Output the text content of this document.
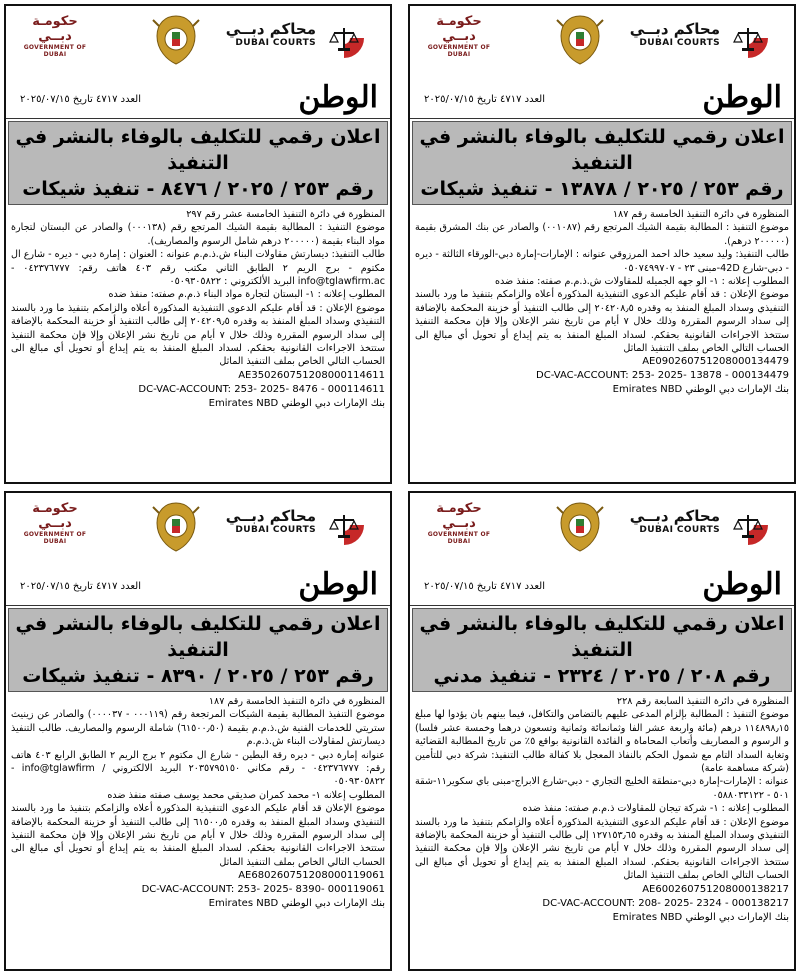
حكومـة دبــي
GOVERNMENT OF DUBAI
محاكم دبــي
DUBAI COURTS
العدد ٤٧١٧ تاريخ ٢٠٢٥/٠٧/١٥	الوطن
اعلان رقمي للتكليف بالوفاء بالنشر في التنفيذ
رقم ٢٥٣ / ٢٠٢٥ / ٨٤٧٦ - تنفيذ شيكات

المنظورة في دائرة التنفيذ الخامسة عشر رقم ٢٩٧

موضوع التنفيذ : المطالبة بقيمة الشيك المرتجع رقم (٠٠٠١٣٨) والصادر عن البستان لتجارة مواد البناء بقيمة (٢٠٠٠٠٠ درهم شامل الرسوم والمصاريف).

طالب التنفيذ: ديسارتش مقاولات البناء ش.ذ.م.م عنوانه : العنوان : إمارة دبي - ديره - شارع ال مكتوم - برج الريم ٢ الطابق الثاني مكتب رقم ٤٠٣ هاتف رقم: ٠٤٢٣٧٦٧٧٧ - info@tglawfirm.ac البريد الألكتروني : ٠٥٠٩٣٠٥٨٢٢

المطلوب إعلانه : ١- البستان لتجارة مواد البناء ذ.م.م صفته: منفذ ضده

موضوع الإعلان : قد أقام عليكم الدعوى التنفيذية المذكورة أعلاه والزامكم بتنفيذ ما ورد بالسند التنفيذي وسداد المبلغ المنفذ به وقدره ٢٠٤٢٠٩٫٥ إلى طالب التنفيذ أو خزينة المحكمة بالإضافة إلى سداد الرسوم المقررة وذلك خلال ٧ أيام من تاريخ نشر الإعلان وإلا فإن محكمة التنفيذ ستتخذ الاجراءات القانونية بحقكم. لسداد المبلغ المنفذ به يتم إيداع أو تحويل أي مبالغ الى الحساب التالي الخاص بملف التنفيذ الماثل

AE350260751208000114611
DC-VAC-ACCOUNT: 253- 2025- 8476 - 000114611
بنك الإمارات دبي الوطني Emirates NBD
حكومـة دبــي
GOVERNMENT OF DUBAI
محاكم دبــي
DUBAI COURTS
العدد ٤٧١٧ تاريخ ٢٠٢٥/٠٧/١٥	الوطن
اعلان رقمي للتكليف بالوفاء بالنشر في التنفيذ
رقم ٢٥٣ / ٢٠٢٥ / ١٣٨٧٨ - تنفيذ شيكات

المنظورة في دائرة التنفيذ الخامسة رقم ١٨٧

موضوع التنفيذ : المطالبة بقيمة الشيك المرتجع رقم (٠٠١٠٨٧) والصادر عن بنك المشرق بقيمة (٢٠٠٠٠٠ درهم).

طالب التنفيذ: وليد سعيد خالد احمد المرزوقي عنوانه : الإمارات-إمارة دبي-الورقاء الثالثة - ديره - دبي-شارع 42D-مبنى ٢٣ - ٠٥٠٧٤٩٩٧٠٧

المطلوب إعلانه : ١- الو جهه الجميله للمقاولات ش.ذ.م.م صفته: منفذ ضده

موضوع الإعلان : قد أقام عليكم الدعوى التنفيذية المذكورة أعلاه والزامكم بتنفيذ ما ورد بالسند التنفيذي وسداد المبلغ المنفذ به وقدره ٢٠٤٢٠٨٫٥ إلى طالب التنفيذ أو خزينة المحكمة بالإضافة إلى سداد الرسوم المقررة وذلك خلال ٧ أيام من تاريخ نشر الإعلان وإلا فإن محكمة التنفيذ ستتخذ الاجراءات القانونية بحقكم. لسداد المبلغ المنفذ به يتم إيداع أو تحويل أي مبالغ الى الحساب التالي الخاص بملف التنفيذ الماثل

AE090260751208000134479
DC-VAC-ACCOUNT: 253- 2025- 13878 - 000134479
بنك الإمارات دبي الوطني Emirates NBD
حكومـة دبــي
GOVERNMENT OF DUBAI
محاكم دبــي
DUBAI COURTS
العدد ٤٧١٧ تاريخ ٢٠٢٥/٠٧/١٥	الوطن
اعلان رقمي للتكليف بالوفاء بالنشر في التنفيذ
رقم ٢٥٣ / ٢٠٢٥ / ٨٣٩٠ - تنفيذ شيكات

المنظورة في دائرة التنفيذ الخامسة رقم ١٨٧

موضوع التنفيذ المطالبة بقيمة الشيكات المرتجعة رقم (٠٠٠١١٩ - ٠٠٠٠٣٧) والصادر عن زينيث ستريتي للخدمات الفنية ش.ذ.م.م بقيمة (٦١٥٠٠٫٥٠) شاملة الرسوم والمصاريف. طالب التنفيذ ديسارتش لمقاولات البناء ش.ذ.م.م

عنوانه إمارة دبي - ديره رقة البطين - شارع ال مكتوم ٢ برج الريم ٢ الطابق الرابع ٤٠٣ هاتف رقم: ٠٤٢٣٧٦٧٧٧ - رقم مكاني ٢٠٣٥٧٩٥١٥٠ البريد الالكتروني / info@tglawfirm - ٠٥٠٩٣٠٥٨٢٢

المطلوب إعلانه ١- محمد كمران صديقي محمد يوسف صفته منفذ ضده

موضوع الإعلان قد أقام عليكم الدعوى التنفيذية المذكورة أعلاه والزامكم بتنفيذ ما ورد بالسند التنفيذي وسداد المبلغ المنفذ به وقدره ٦١٥٠٠٫٥ إلى طالب التنفيذ أو خزينة المحكمة بالإضافة إلى سداد الرسوم المقررة وذلك خلال ٧ أيام من تاريخ نشر الإعلان وإلا فإن محكمة التنفيذ ستتخذ الاجراءات القانونية بحقكم. لسداد المبلغ المنفذ به يتم إيداع أو تحويل أي مبالغ الى الحساب التالي الخاص بملف التنفيذ الماثل

AE680260751208000119061
DC-VAC-ACCOUNT: 253- 2025- 8390- 000119061
بنك الإمارات دبي الوطني Emirates NBD
حكومـة دبــي
GOVERNMENT OF DUBAI
محاكم دبــي
DUBAI COURTS
العدد ٤٧١٧ تاريخ ٢٠٢٥/٠٧/١٥	الوطن
اعلان رقمي للتكليف بالوفاء بالنشر في التنفيذ
رقم ٢٠٨ / ٢٠٢٥ / ٢٣٢٤ - تنفيذ مدني

المنظورة في دائرة التنفيذ السابعة رقم ٢٢٨

موضوع التنفيذ : المطالبة بإلزام المدعى عليهم بالتضامن والتكافل، فيما بينهم بان يؤدوا لها مبلغ ١١٤٨٩٨٫١٥ درهم (مائة واربعة عشر الفا وثمانمائة وثمانية وتسعون درهما وخمسة عشر فلسا) و الرسوم و المصاريف وأتعاب المحاماة و الفائدة القانونية بواقع ٥٪ من تاريخ المطالبة القضائية وتغاية السداد التام مع شمول الحكم بالنفاذ المعجل بلا كفالة طالب التنفيذ: شركة دبي للتأمين (شركة مساهمة عامة)

عنوانه : الإمارات-إمارة دبي-منطقة الخليج التجاري - دبي-شارع الابراج-مبنى باي سكوير١١-شقة ٥٠١ - ٠٥٨٨٠٣٣١٢٢

المطلوب إعلانه : ١- شركة تيجان للمقاولات ذ.م.م صفته: منفذ ضده

موضوع الإعلان : قد أقام عليكم الدعوى التنفيذية المذكورة أعلاه والزامكم بتنفيذ ما ورد بالسند التنفيذي وسداد المبلغ المنفذ به وقدره ١٢٧١٥٣٫٦٥ إلى طالب التنفيذ أو خزينة المحكمة بالإضافة إلى سداد الرسوم المقررة وذلك خلال ٧ أيام من تاريخ نشر الإعلان وإلا فإن محكمة التنفيذ ستتخذ الاجراءات القانونية بحقكم. لسداد المبلغ المنفذ به يتم إيداع أو تحويل أي مبالغ الى الحساب التالي الخاص بملف التنفيذ الماثل

AE600260751208000138217
DC-VAC-ACCOUNT: 208- 2025- 2324 - 000138217
بنك الإمارات دبي الوطني Emirates NBD
